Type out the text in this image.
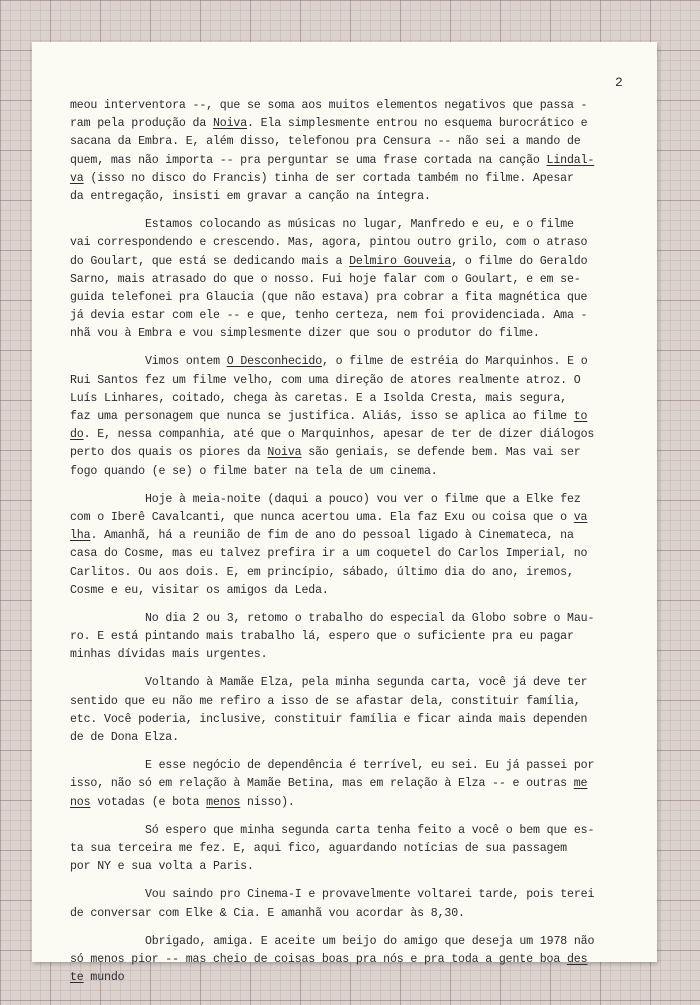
2
meou interventora --, que se soma aos muitos elementos negativos que passa -
ram pela produção da Noiva. Ela simplesmente entrou no esquema burocrático e
sacana da Embra. E, além disso, telefonou pra Censura -- não sei a mando de
quem, mas não importa -- pra perguntar se uma frase cortada na canção Lindal-
va (isso no disco do Francis) tinha de ser cortada também no filme. Apesar
da entregação, insisti em gravar a canção na íntegra.
Estamos colocando as músicas no lugar, Manfredo e eu, e o filme
vai correspondendo e crescendo. Mas, agora, pintou outro grilo, com o atraso
do Goulart, que está se dedicando mais a Delmiro Gouveia, o filme do Geraldo
Sarno, mais atrasado do que o nosso. Fui hoje falar com o Goulart, e em se-
guida telefonei pra Glaucia (que não estava) pra cobrar a fita magnética que
já devia estar com ele -- e que, tenho certeza, nem foi providenciada. Ama -
nhã vou à Embra e vou simplesmente dizer que sou o produtor do filme.
Vimos ontem O Desconhecido, o filme de estréia do Marquinhos. E o
Rui Santos fez um filme velho, com uma direção de atores realmente atroz. O
Luís Linhares, coitado, chega às caretas. E a Isolda Cresta, mais segura,
faz uma personagem que nunca se justifica. Aliás, isso se aplica ao filme to
do. E, nessa companhia, até que o Marquinhos, apesar de ter de dizer diálogos
perto dos quais os piores da Noiva são geniais, se defende bem. Mas vai ser
fogo quando (e se) o filme bater na tela de um cinema.
Hoje à meia-noite (daqui a pouco) vou ver o filme que a Elke fez
com o Iberê Cavalcanti, que nunca acertou uma. Ela faz Exu ou coisa que o va
lha. Amanhã, há a reunião de fim de ano do pessoal ligado à Cinemateca, na
casa do Cosme, mas eu talvez prefira ir a um coquetel do Carlos Imperial, no
Carlitos. Ou aos dois. E, em princípio, sábado, último dia do ano, iremos,
Cosme e eu, visitar os amigos da Leda.
No dia 2 ou 3, retomo o trabalho do especial da Globo sobre o Mau-
ro. E está pintando mais trabalho lá, espero que o suficiente pra eu pagar
minhas dívidas mais urgentes.
Voltando à Mamãe Elza, pela minha segunda carta, você já deve ter
sentido que eu não me refiro a isso de se afastar dela, constituir família,
etc. Você poderia, inclusive, constituir família e ficar ainda mais dependen
de de Dona Elza.
E esse negócio de dependência é terrível, eu sei. Eu já passei por
isso, não só em relação à Mamãe Betina, mas em relação à Elza -- e outras me
nos votadas (e bota menos nisso).
Só espero que minha segunda carta tenha feito a você o bem que es-
ta sua terceira me fez. E, aqui fico, aguardando notícias de sua passagem
por NY e sua volta a Paris.
Vou saindo pro Cinema-I e provavelmente voltarei tarde, pois terei
de conversar com Elke & Cia. E amanhã vou acordar às 8,30.
Obrigado, amiga. E aceite um beijo do amigo que deseja um 1978 não
só menos pior -- mas cheio de coisas boas pra nós e pra toda a gente boa des
te mundo
